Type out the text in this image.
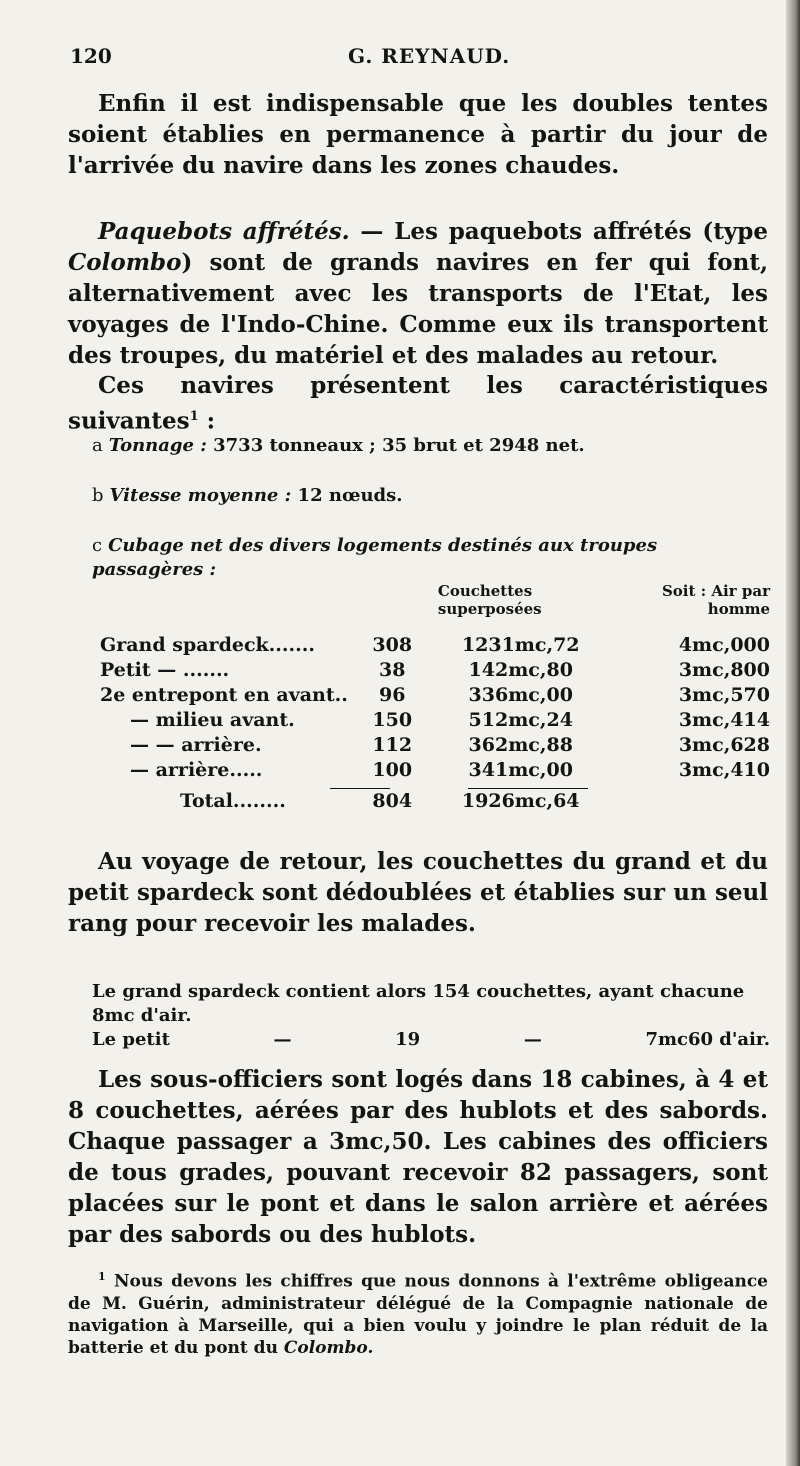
120	G. REYNAUD.

Enfin il est indispensable que les doubles tentes soient établies en permanence à partir du jour de l'arrivée du navire dans les zones chaudes.

Paquebots affrétés. — Les paquebots affrétés (type Colombo) sont de grands navires en fer qui font, alternativement avec les transports de l'Etat, les voyages de l'Indo-Chine. Comme eux ils transportent des troupes, du matériel et des malades au retour.

Ces navires présentent les caractéristiques suivantes$^1$ :

a Tonnage : 3733 tonneaux ; 35 brut et 2948 net.
b Vitesse moyenne : 12 nœuds.
c Cubage net des divers logements destinés aux troupes passagères :
	Couchettes superposées		Soit : Air par homme
Grand spardeck.......	308	1231mc,72	4mc,000
Petit — .......	38	142mc,80	3mc,800
2e entrepont en avant..	96	336mc,00	3mc,570
— milieu avant.	150	512mc,24	3mc,414
— — arrière.	112	362mc,88	3mc,628
— arrière.....	100	341mc,00	3mc,410
Total........	804	1926mc,64	

Au voyage de retour, les couchettes du grand et du petit spardeck sont dédoublées et établies sur un seul rang pour recevoir les malades.

Le grand spardeck contient alors 154 couchettes, ayant chacune 8mc d'air.
Le petit	—	19	—	7mc60 d'air.

Les sous-officiers sont logés dans 18 cabines, à 4 et 8 couchettes, aérées par des hublots et des sabords. Chaque passager a 3mc,50. Les cabines des officiers de tous grades, pouvant recevoir 82 passagers, sont placées sur le pont et dans le salon arrière et aérées par des sabords ou des hublots.

$^1$ Nous devons les chiffres que nous donnons à l'extrême obligeance de M. Guérin, administrateur délégué de la Compagnie nationale de navigation à Marseille, qui a bien voulu y joindre le plan réduit de la batterie et du pont du Colombo.
